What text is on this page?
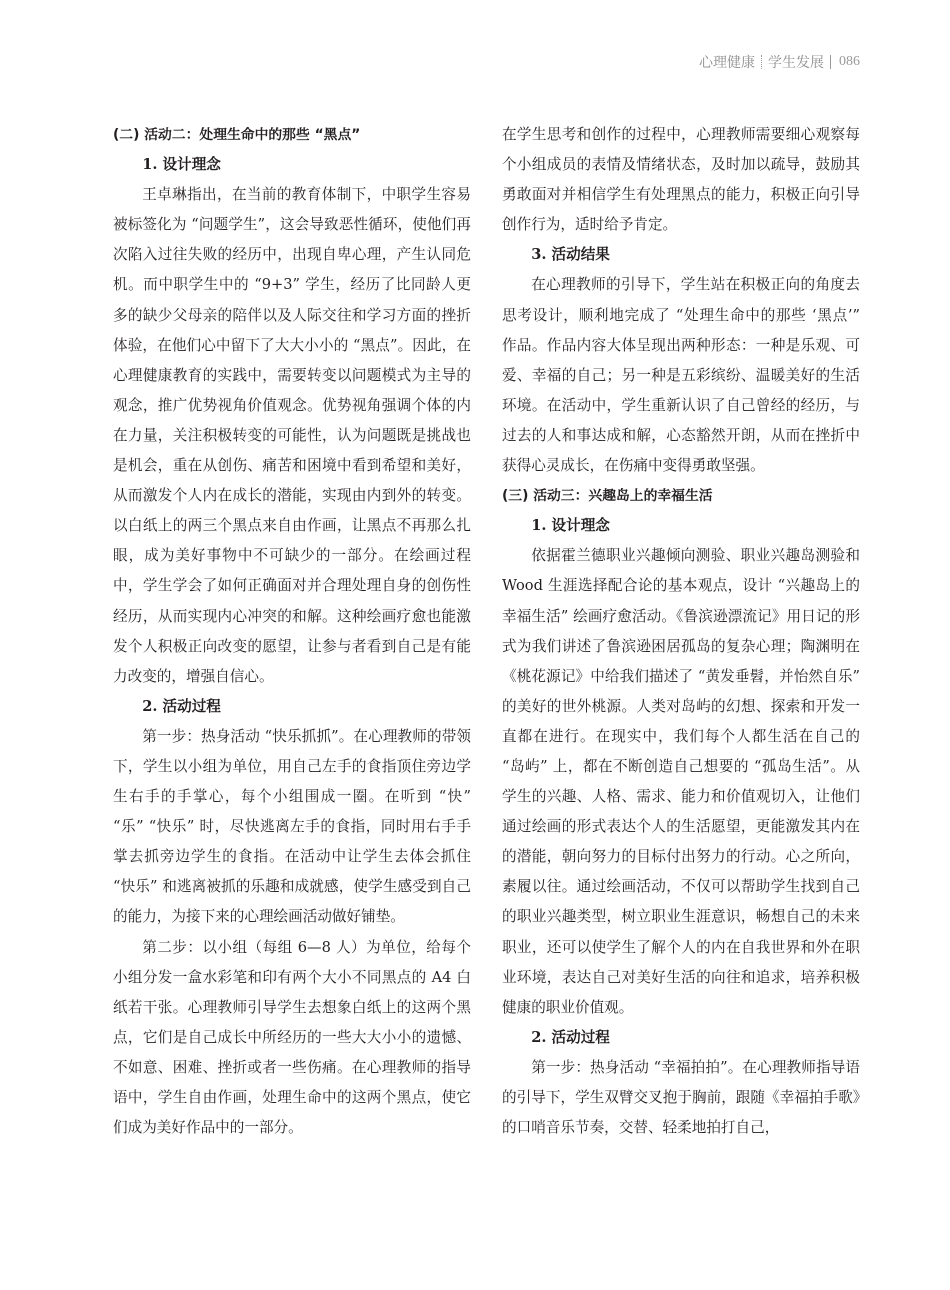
心理健康 学生发展 086

(二) 活动二：处理生命中的那些 “黑点”

1. 设计理念

王卓琳指出，在当前的教育体制下，中职学生容易被标签化为 “问题学生”，这会导致恶性循环，使他们再次陷入过往失败的经历中，出现自卑心理，产生认同危机。而中职学生中的 “9+3” 学生，经历了比同龄人更多的缺少父母亲的陪伴以及人际交往和学习方面的挫折体验，在他们心中留下了大大小小的 “黑点”。因此，在心理健康教育的实践中，需要转变以问题模式为主导的观念，推广优势视角价值观念。优势视角强调个体的内在力量，关注积极转变的可能性，认为问题既是挑战也是机会，重在从创伤、痛苦和困境中看到希望和美好，从而激发个人内在成长的潜能，实现由内到外的转变。以白纸上的两三个黑点来自由作画，让黑点不再那么扎眼，成为美好事物中不可缺少的一部分。在绘画过程中，学生学会了如何正确面对并合理处理自身的创伤性经历，从而实现内心冲突的和解。这种绘画疗愈也能激发个人积极正向改变的愿望，让参与者看到自己是有能力改变的，增强自信心。

2. 活动过程

第一步：热身活动 “快乐抓抓”。在心理教师的带领下，学生以小组为单位，用自己左手的食指顶住旁边学生右手的手掌心，每个小组围成一圈。在听到 “快” “乐” “快乐” 时，尽快逃离左手的食指，同时用右手手掌去抓旁边学生的食指。在活动中让学生去体会抓住 “快乐” 和逃离被抓的乐趣和成就感，使学生感受到自己的能力，为接下来的心理绘画活动做好铺垫。

第二步：以小组（每组 6—8 人）为单位，给每个小组分发一盒水彩笔和印有两个大小不同黑点的 A4 白纸若干张。心理教师引导学生去想象白纸上的这两个黑点，它们是自己成长中所经历的一些大大小小的遗憾、不如意、困难、挫折或者一些伤痛。在心理教师的指导语中，学生自由作画，处理生命中的这两个黑点，使它们成为美好作品中的一部分。

在学生思考和创作的过程中，心理教师需要细心观察每个小组成员的表情及情绪状态，及时加以疏导，鼓励其勇敢面对并相信学生有处理黑点的能力，积极正向引导创作行为，适时给予肯定。

3. 活动结果

在心理教师的引导下，学生站在积极正向的角度去思考设计，顺利地完成了 “处理生命中的那些 ‘黑点’” 作品。作品内容大体呈现出两种形态：一种是乐观、可爱、幸福的自己；另一种是五彩缤纷、温暖美好的生活环境。在活动中，学生重新认识了自己曾经的经历，与过去的人和事达成和解，心态豁然开朗，从而在挫折中获得心灵成长，在伤痛中变得勇敢坚强。

(三) 活动三：兴趣岛上的幸福生活

1. 设计理念

依据霍兰德职业兴趣倾向测验、职业兴趣岛测验和 Wood 生涯选择配合论的基本观点，设计 “兴趣岛上的幸福生活” 绘画疗愈活动。《鲁滨逊漂流记》用日记的形式为我们讲述了鲁滨逊困居孤岛的复杂心理；陶渊明在《桃花源记》中给我们描述了 “黄发垂髫，并怡然自乐” 的美好的世外桃源。人类对岛屿的幻想、探索和开发一直都在进行。在现实中，我们每个人都生活在自己的 “岛屿” 上，都在不断创造自己想要的 “孤岛生活”。从学生的兴趣、人格、需求、能力和价值观切入，让他们通过绘画的形式表达个人的生活愿望，更能激发其内在的潜能，朝向努力的目标付出努力的行动。心之所向，素履以往。通过绘画活动，不仅可以帮助学生找到自己的职业兴趣类型，树立职业生涯意识，畅想自己的未来职业，还可以使学生了解个人的内在自我世界和外在职业环境，表达自己对美好生活的向往和追求，培养积极健康的职业价值观。

2. 活动过程

第一步：热身活动 “幸福拍拍”。在心理教师指导语的引导下，学生双臂交叉抱于胸前，跟随《幸福拍手歌》的口哨音乐节奏，交替、轻柔地拍打自己，
